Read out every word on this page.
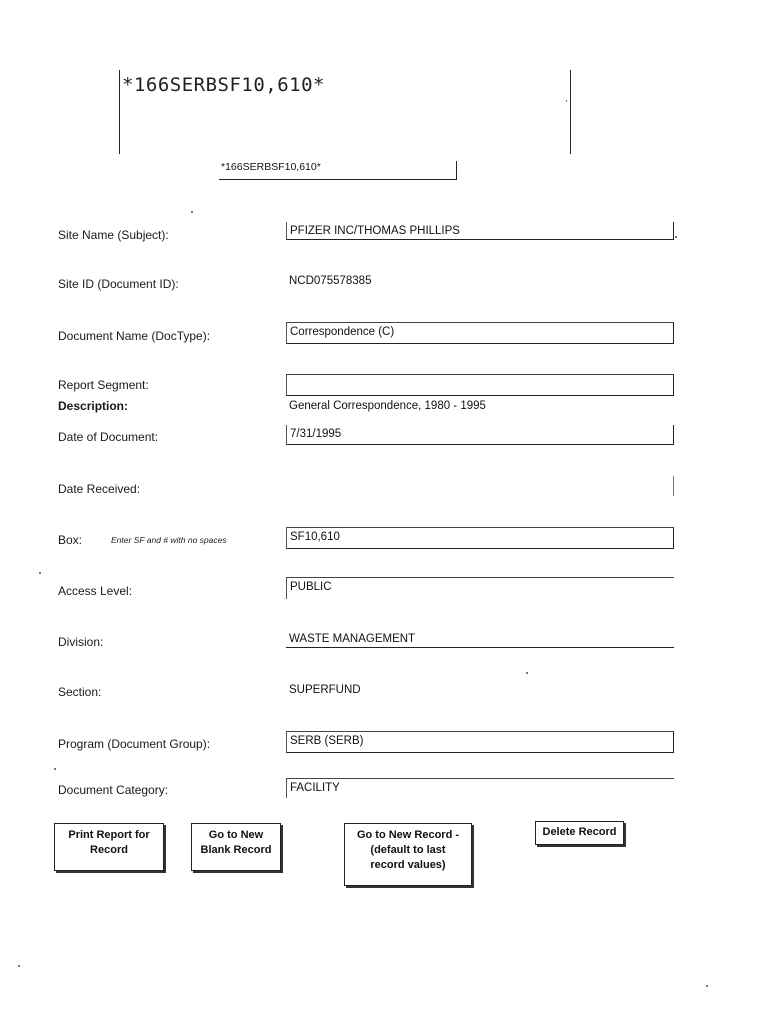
*166SERBSF10,610*
*166SERBSF10,610*
Site Name (Subject):	PFIZER INC/THOMAS PHILLIPS
Site ID (Document ID):	NCD075578385
Document Name (DocType):	Correspondence (C)
Report Segment:
Description:	General Correspondence, 1980 - 1995
Date of Document:	7/31/1995
Date Received:
Box:	Enter SF and # with no spaces	SF10,610
Access Level:	PUBLIC
Division:	WASTE MANAGEMENT
Section:	SUPERFUND
Program (Document Group):	SERB (SERB)
Document Category:	FACILITY
Print Report for
Record
Go to New
Blank Record
Go to New Record -
(default to last
record values)
Delete Record
